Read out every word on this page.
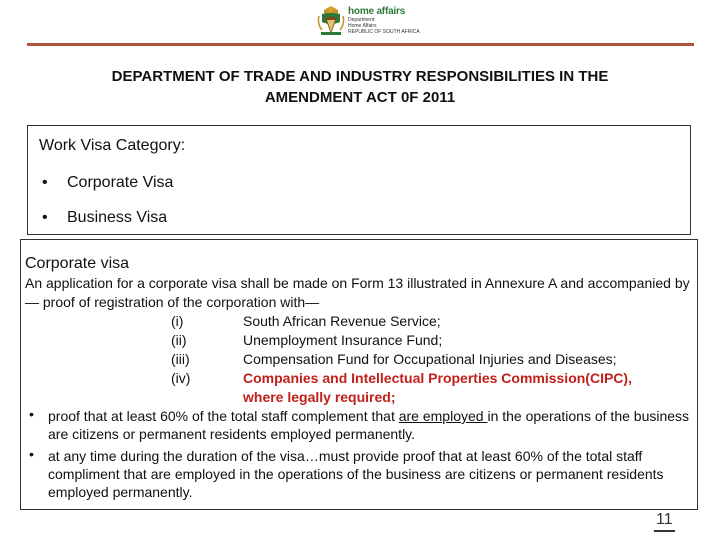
home affairs
Department:
Home Affairs
REPUBLIC OF SOUTH AFRICA
DEPARTMENT OF TRADE AND INDUSTRY RESPONSIBILITIES IN THE
AMENDMENT ACT 0F 2011
Work Visa Category:
• Corporate Visa
• Business Visa
Corporate visa
An application for a corporate visa shall be made on Form 13 illustrated in Annexure A and accompanied by— proof of registration of the corporation with—
(i)	South African Revenue Service;
(ii)	Unemployment Insurance Fund;
(iii)	Compensation Fund for Occupational Injuries and Diseases;
(iv)	Companies and Intellectual Properties Commission(CIPC),
where legally required;
• proof that at least 60% of the total staff complement that are employed in the operations of the business are citizens or permanent residents employed permanently.
• at any time during the duration of the visa…must provide proof that at least 60% of the total staff compliment that are employed in the operations of the business are citizens or permanent residents employed permanently.
11
